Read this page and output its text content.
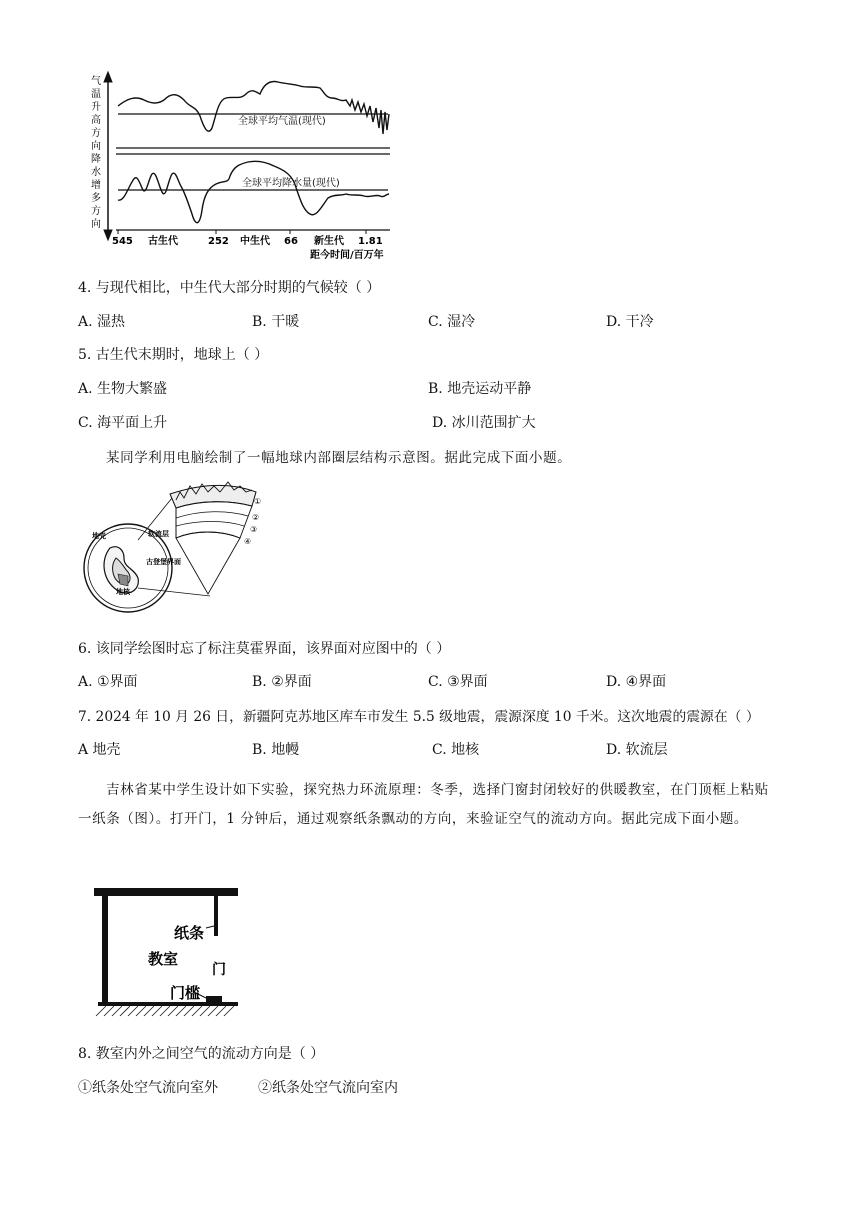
气
温
升
高
方
向
降
水
增
多
方
向
全球平均气温(现代)
全球平均降水量(现代)
545	252	66	1.81
古生代	中生代	新生代
距今时间/百万年
4. 与现代相比，中生代大部分时期的气候较（ ）
A. 湿热	B. 干暖	C. 湿冷	D. 干冷
5. 古生代末期时，地球上（ ）
A. 生物大繁盛	B. 地壳运动平静
C. 海平面上升	D. 冰川范围扩大
某同学利用电脑绘制了一幅地球内部圈层结构示意图。据此完成下面小题。
①
②
③
④
地壳	软流层
古登堡界面
地核
6. 该同学绘图时忘了标注莫霍界面，该界面对应图中的（ ）
A. ①界面	B. ②界面	C. ③界面	D. ④界面
7. 2024 年 10 月 26 日，新疆阿克苏地区库车市发生 5.5 级地震，震源深度 10 千米。这次地震的震源在（ ）
A 地壳	B. 地幔	C. 地核	D. 软流层
吉林省某中学生设计如下实验，探究热力环流原理：冬季，选择门窗封闭较好的供暖教室，在门顶框上粘贴一纸条（图）。打开门，1 分钟后，通过观察纸条飘动的方向，来验证空气的流动方向。据此完成下面小题。
纸条
教室
门
门槛
8. 教室内外之间空气的流动方向是（ ）
①纸条处空气流向室外	②纸条处空气流向室内
